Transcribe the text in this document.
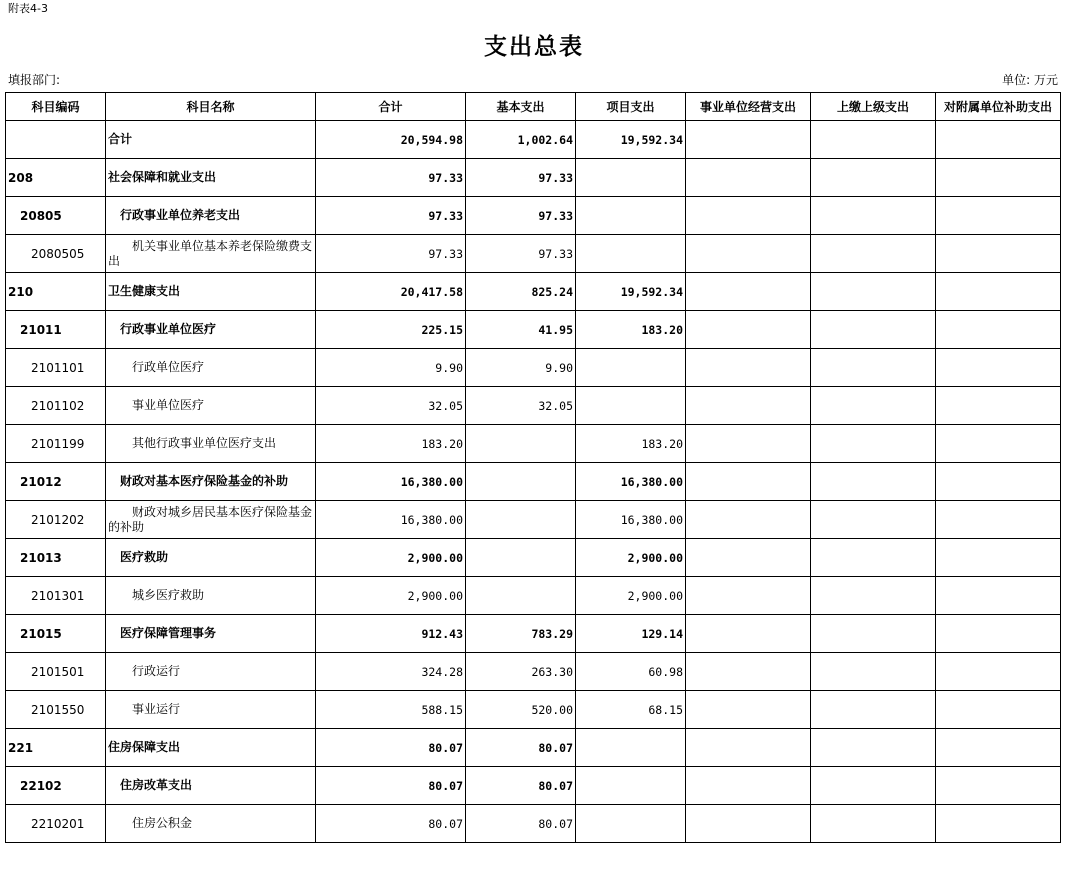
附表4-3
支出总表
填报部门:	单位: 万元
科目编码	科目名称	合计	基本支出	项目支出	事业单位经营支出	上缴上级支出	对附属单位补助支出

	合计	20,594.98	1,002.64	19,592.34			
208	社会保障和就业支出	97.33	97.33				
20805	行政事业单位养老支出	97.33	97.33				
2080505	机关事业单位基本养老保险缴费支出	97.33	97.33				
210	卫生健康支出	20,417.58	825.24	19,592.34			
21011	行政事业单位医疗	225.15	41.95	183.20			
2101101	行政单位医疗	9.90	9.90				
2101102	事业单位医疗	32.05	32.05				
2101199	其他行政事业单位医疗支出	183.20		183.20			
21012	财政对基本医疗保险基金的补助	16,380.00		16,380.00			
2101202	财政对城乡居民基本医疗保险基金的补助	16,380.00		16,380.00			
21013	医疗救助	2,900.00		2,900.00			
2101301	城乡医疗救助	2,900.00		2,900.00			
21015	医疗保障管理事务	912.43	783.29	129.14			
2101501	行政运行	324.28	263.30	60.98			
2101550	事业运行	588.15	520.00	68.15			
221	住房保障支出	80.07	80.07				
22102	住房改革支出	80.07	80.07				
2210201	住房公积金	80.07	80.07				
